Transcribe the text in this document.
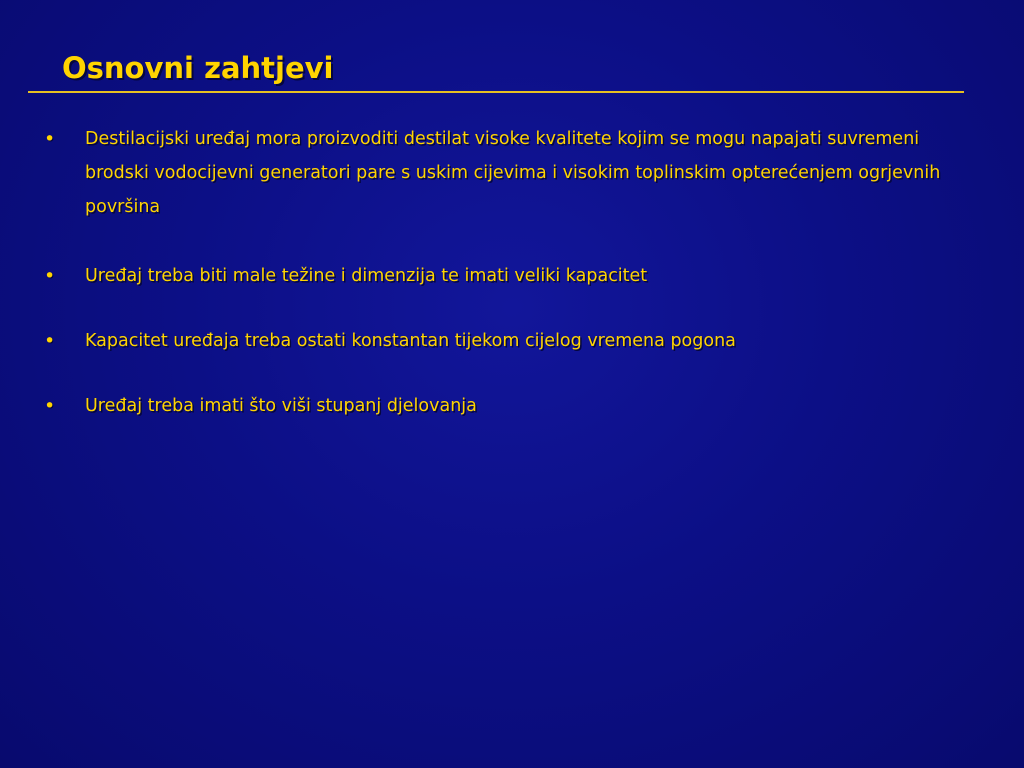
Osnovni zahtjevi
• Destilacijski uređaj mora proizvoditi destilat visoke kvalitete kojim se mogu napajati suvremeni brodski vodocijevni generatori pare s uskim cijevima i visokim toplinskim opterećenjem ogrjevnih površina
• Uređaj treba biti male težine i dimenzija te imati veliki kapacitet
• Kapacitet uređaja treba ostati konstantan tijekom cijelog vremena pogona
• Uređaj treba imati što viši stupanj djelovanja
